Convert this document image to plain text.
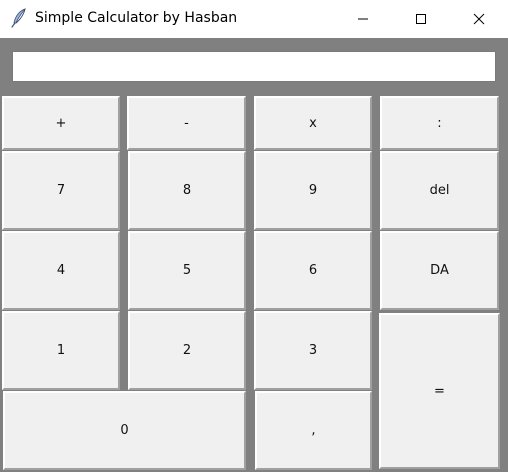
Simple Calculator by Hasban
+	-	x	:
7	8	9	del
4	5	6	DA
1	2	3
=
0	,
